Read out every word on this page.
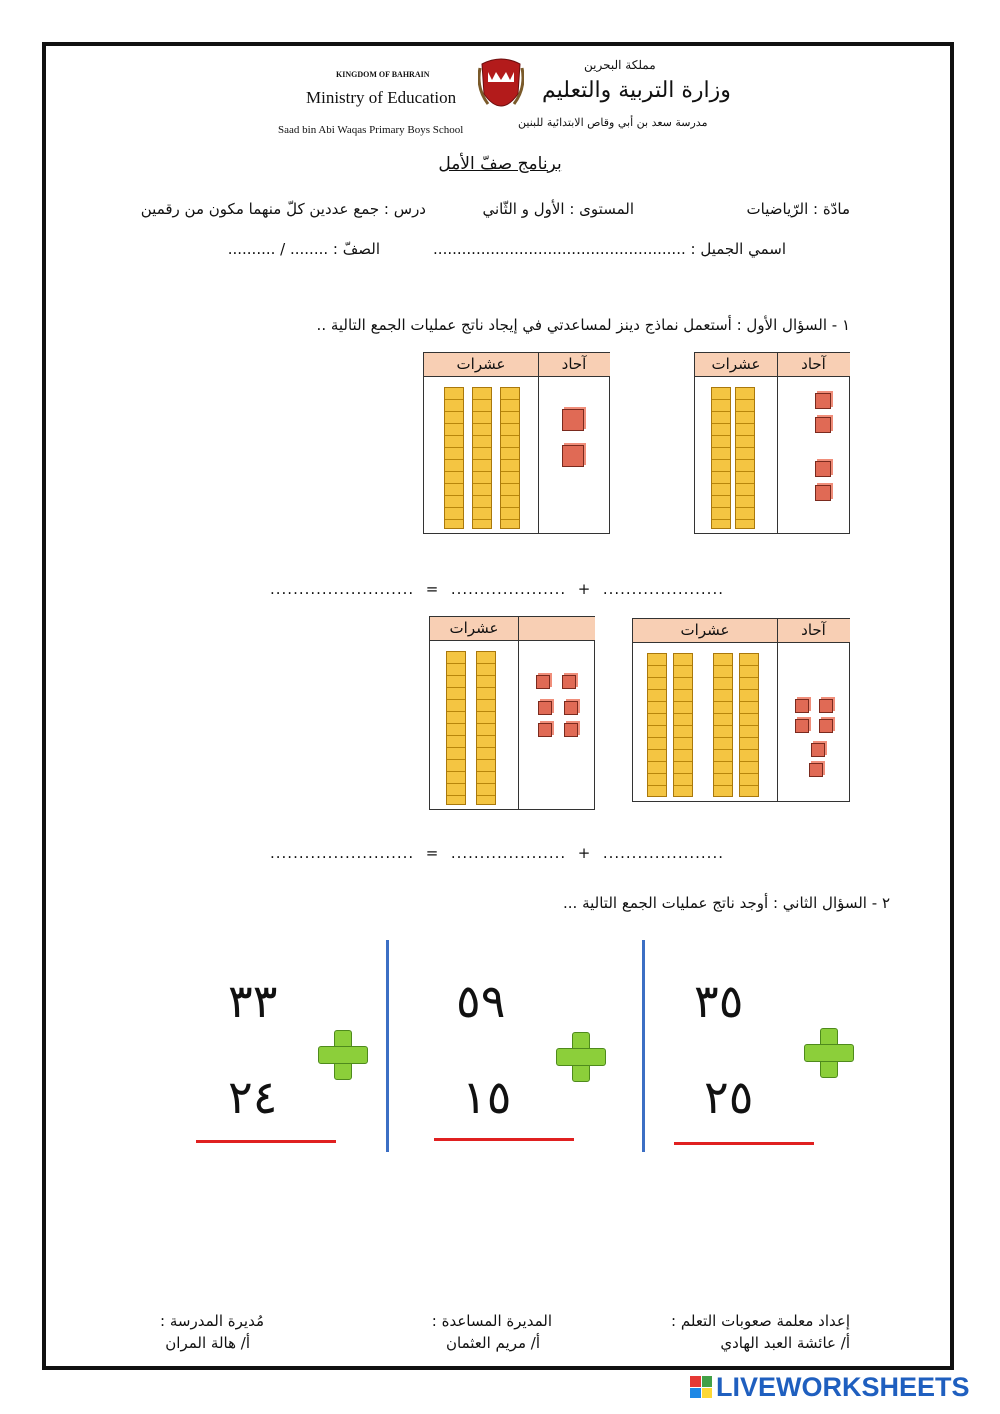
KINGDOM OF BAHRAIN
Ministry of Education
Saad bin Abi Waqas Primary Boys School
مملكة البحرين
وزارة التربية والتعليم
مدرسة سعد بن أبي وقاص الابتدائية للبنين
برنامج صفّ الأمل
مادّة : الرّياضيات
المستوى : الأول و الثّاني
درس : جمع عددين كلّ منهما مكون من رقمين
اسمي الجميل : .....................................................
الصفّ : ........ / ..........
١ - السؤال الأول : أستعمل نماذج دينز لمساعدتي في إيجاد ناتج عمليات الجمع التالية ..
آحاد
عشرات
آحاد
عشرات
.........................  =  ....................  +  .....................
آحاد
عشرات
عشرات
.........................  =  ....................  +  .....................
٢ - السؤال الثاني : أوجد ناتج عمليات الجمع التالية ...
٣٥
٢٥
٥٩
١٥
٣٣
٢٤
إعداد معلمة صعوبات التعلم :
أ/ عائشة العبد الهادي
المديرة المساعدة :
أ/ مريم العثمان
مُديرة المدرسة :
أ/ هالة المران
LIVEWORKSHEETS
